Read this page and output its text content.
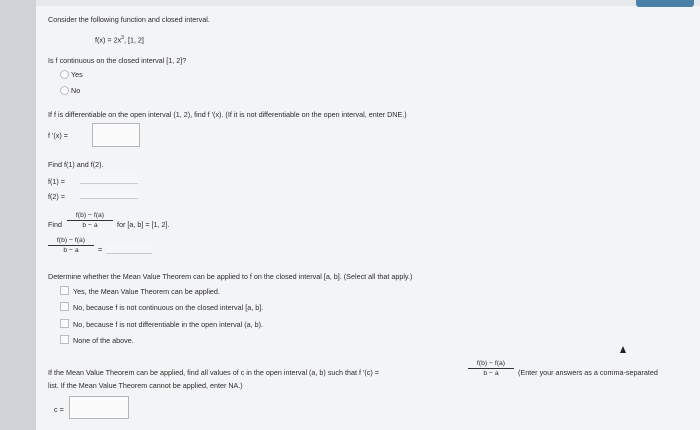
Consider the following function and closed interval.
$f(x) = 2x^3$, [1, 2]
Is f continuous on the closed interval [1, 2]?
Yes
No
If f is differentiable on the open interval (1, 2), find f '(x). (If it is not differentiable on the open interval, enter DNE.)
f '(x) =
Find f(1) and f(2).
f(1) =
f(2) =
Find $\frac{f(b) - f(a)}{b - a}$ for [a, b] = [1, 2].
$\frac{f(b) - f(a)}{b - a}$ =
Determine whether the Mean Value Theorem can be applied to f on the closed interval [a, b]. (Select all that apply.)
Yes, the Mean Value Theorem can be applied.
No, because f is not continuous on the closed interval [a, b].
No, because f is not differentiable in the open interval (a, b).
None of the above.
If the Mean Value Theorem can be applied, find all values of c in the open interval (a, b) such that f '(c) =	$\frac{f(b) - f(a)}{b - a}$ (Enter your answers as a comma-separated
list. If the Mean Value Theorem cannot be applied, enter NA.)
c =
